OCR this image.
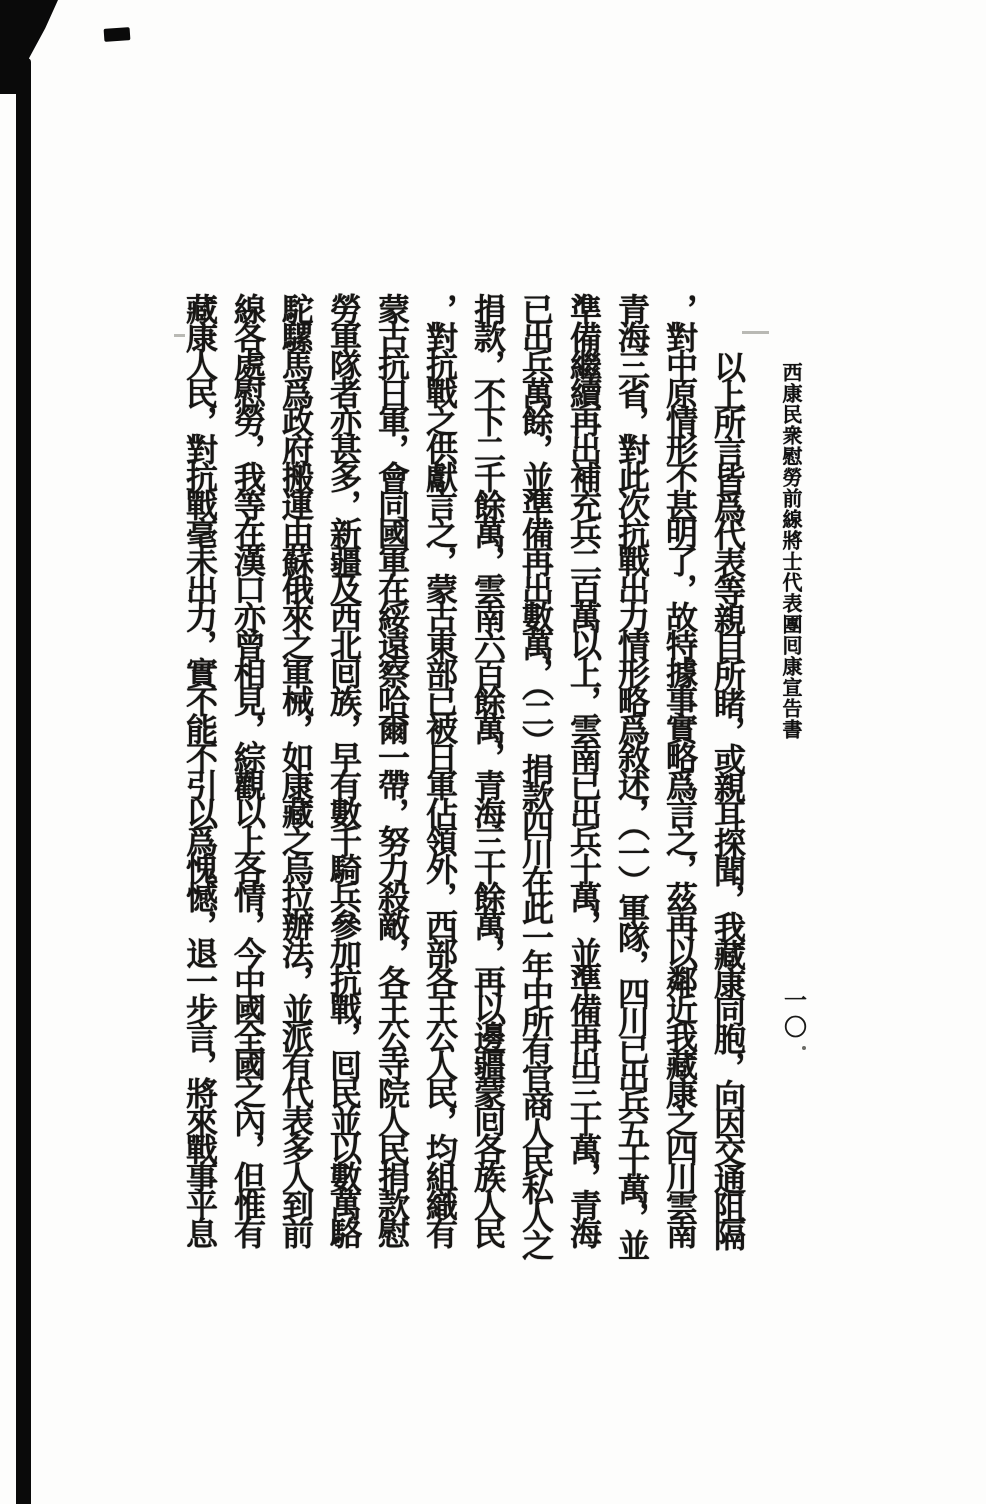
西康民衆慰勞前線將士代表團囘康宣告書
一〇
以上所言皆爲代表等親目所睹，或親耳探聞，我藏康同胞，向因交通阻隔
，對中原情形不甚明了，故特據事實略爲言之，茲再以鄰近我藏康之四川雲南
青海三省，對此次抗戰出力情形略爲敘述，（一）軍隊，四川已出兵五十萬，並
準備繼續再出補充兵二百萬以上，雲南已出兵十萬，並準備再出三十萬，青海
已出兵萬餘，並準備再出數萬，（二）捐款四川在此一年中所有官商人民私人之
捐款，不下二千餘萬，雲南六百餘萬，青海三十餘萬，再以邊疆蒙囘各族人民
，對抗戰之供獻言之，蒙古東部已被日軍佔領外，西部各王公人民，均組織有
蒙古抗日軍，會同國軍在綏遠察哈爾一帶，努力殺敵，各王公寺院人民捐款慰
勞軍隊者亦甚多，新疆及西北囘族，早有數千騎兵參加抗戰，囘民並以數萬駱
駝騾馬爲政府搬運由蘇俄來之軍械，如康藏之烏拉辦法，並派有代表多人到前
線各處慰勞，我等在漢口亦曾相見，綜觀以上各情，今中國全國之內，但惟有
藏康人民，對抗戰毫未出力，實不能不引以爲愧憾，退一步言，將來戰事平息
